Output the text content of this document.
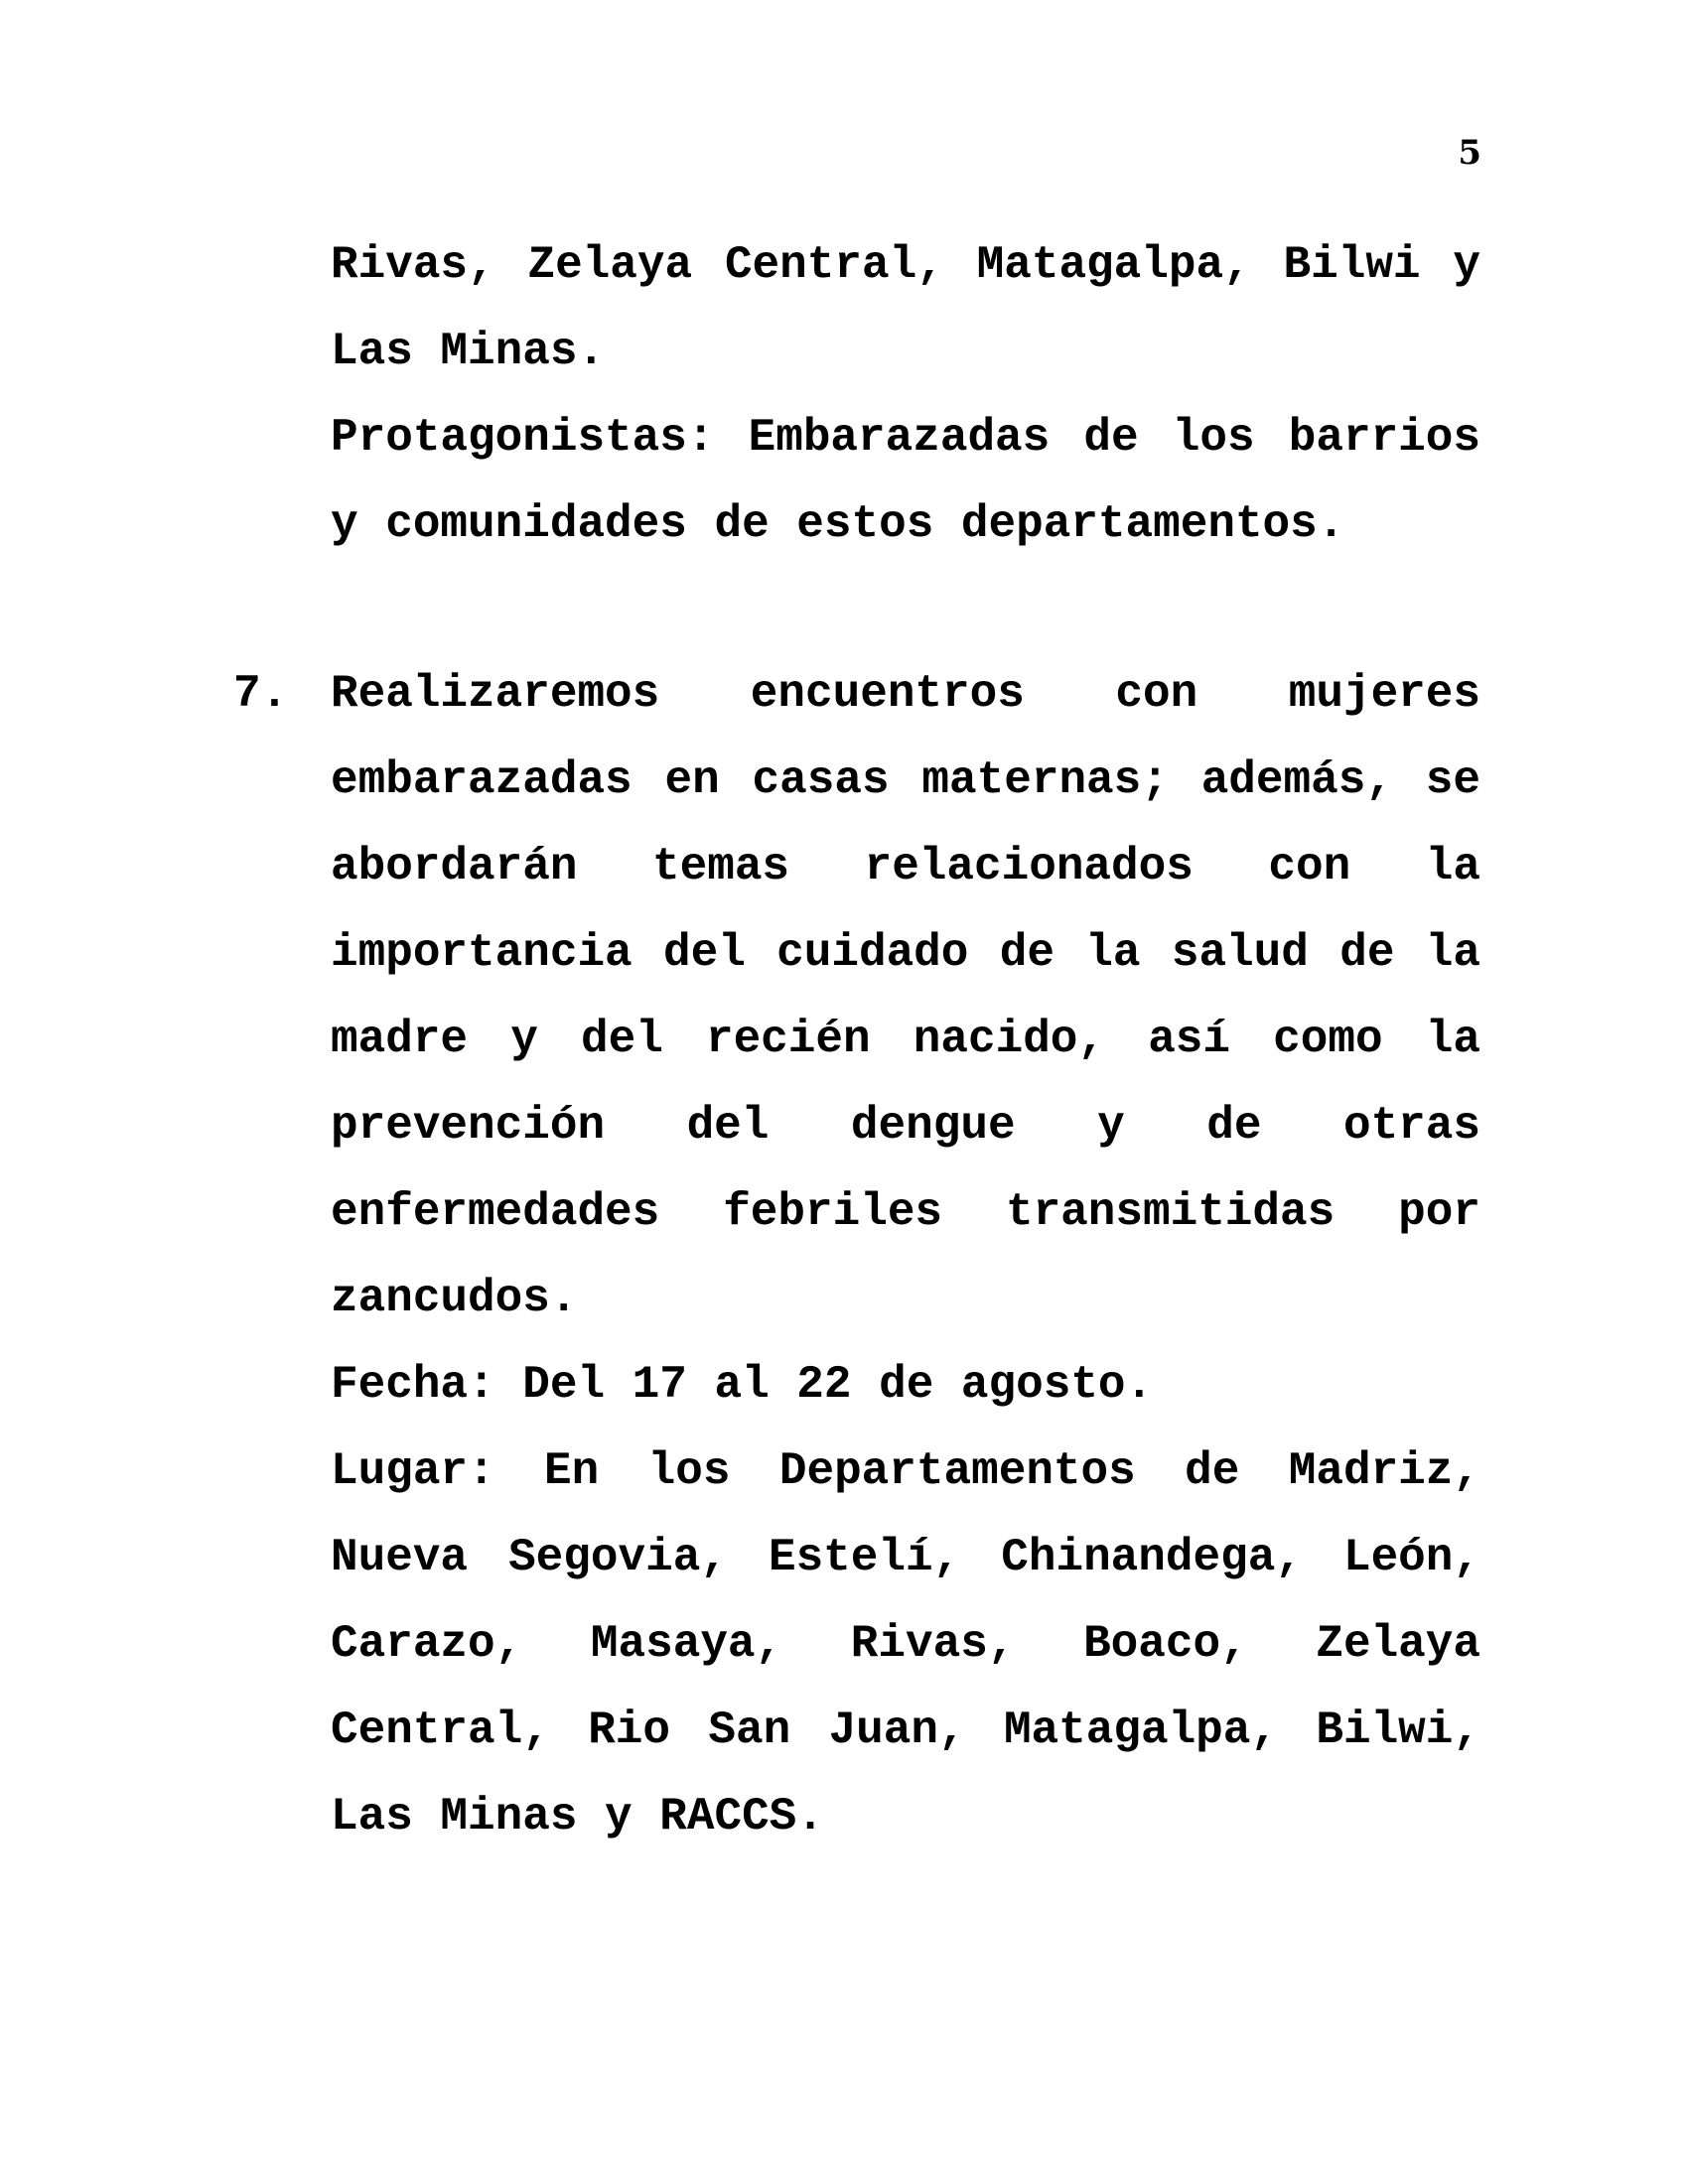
5

Rivas, Zelaya Central, Matagalpa, Bilwi y

Las Minas.

Protagonistas: Embarazadas de los barrios

y comunidades de estos departamentos.

7. Realizaremos encuentros con mujeres

embarazadas en casas maternas; además, se

abordarán temas relacionados con la

importancia del cuidado de la salud de la

madre y del recién nacido, así como la

prevención del dengue y de otras

enfermedades febriles transmitidas por

zancudos.

Fecha: Del 17 al 22 de agosto.

Lugar: En los Departamentos de Madriz,

Nueva Segovia, Estelí, Chinandega, León,

Carazo, Masaya, Rivas, Boaco, Zelaya

Central, Rio San Juan, Matagalpa, Bilwi,

Las Minas y RACCS.
